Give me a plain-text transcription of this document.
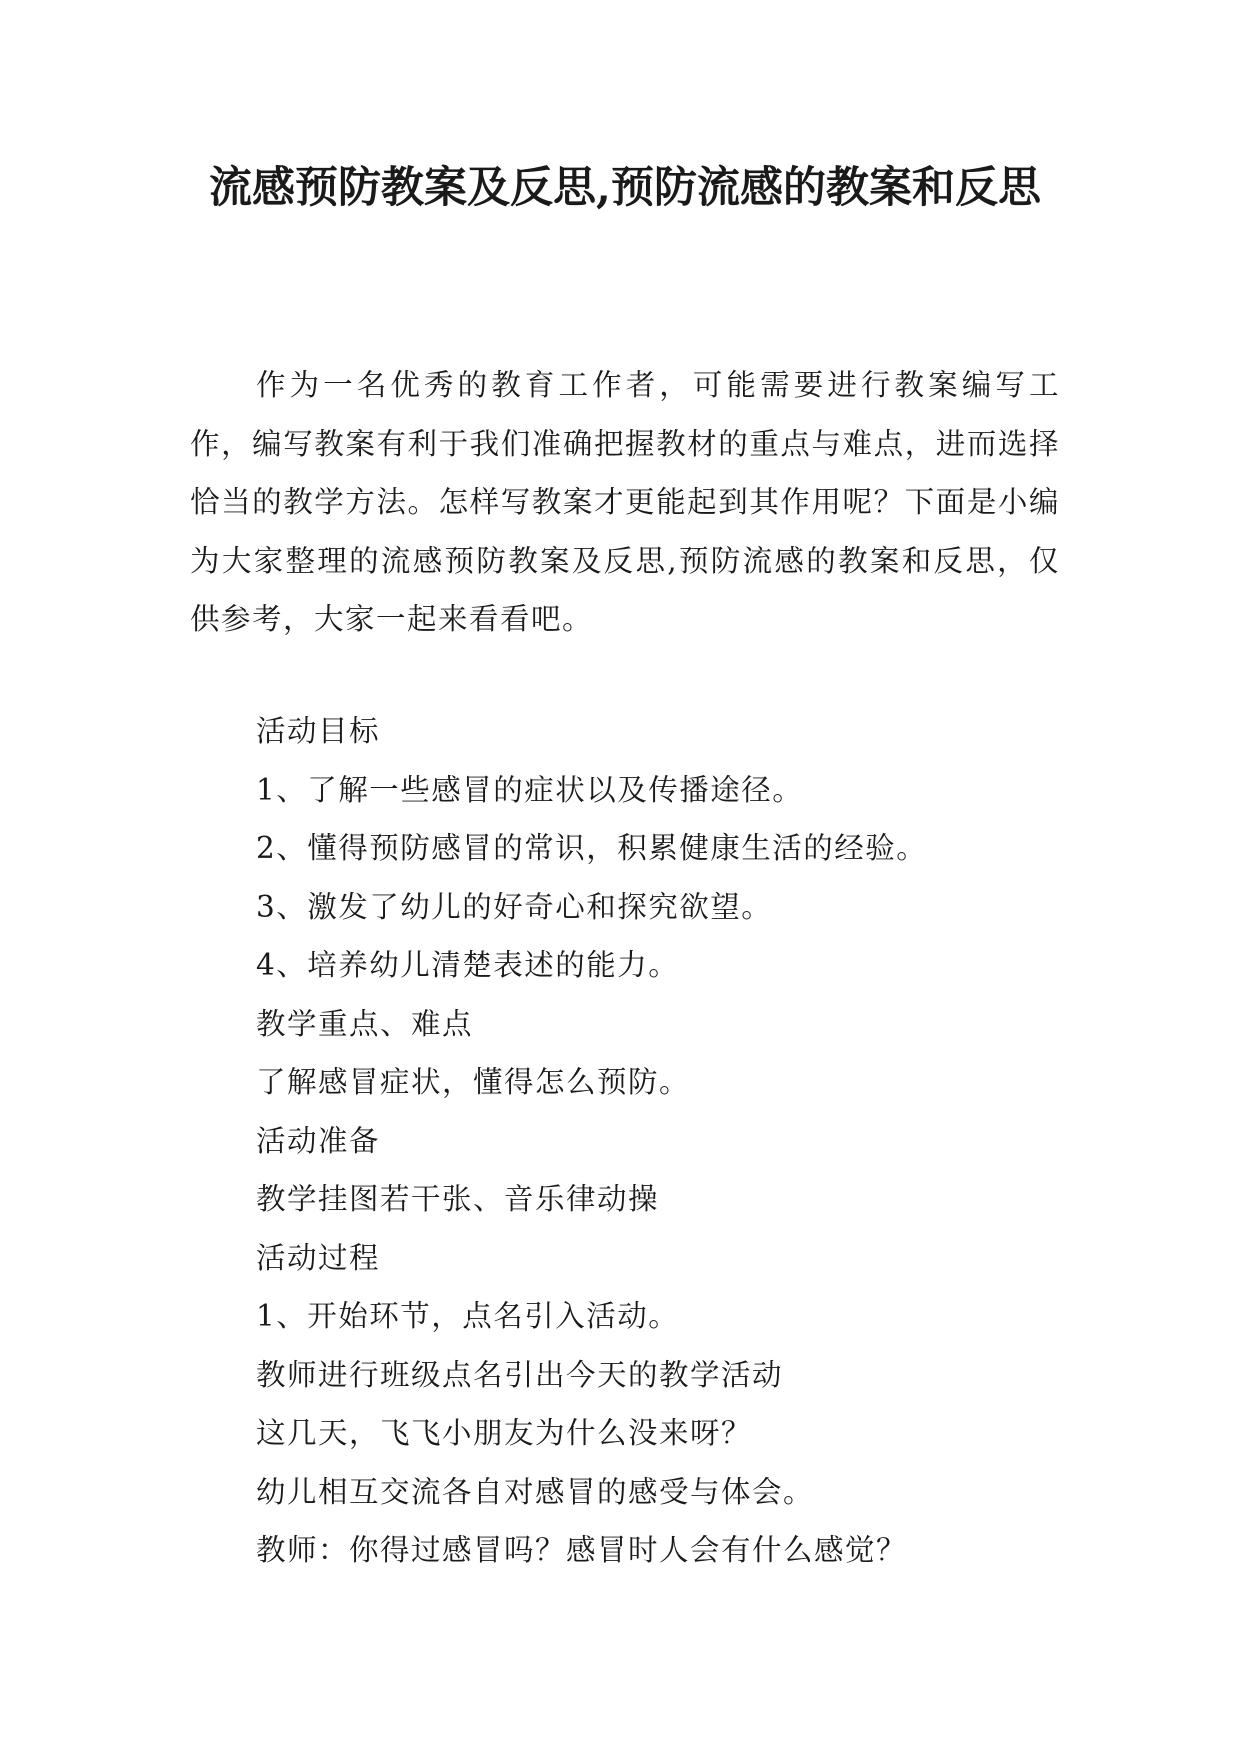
流感预防教案及反思,预防流感的教案和反思

作为一名优秀的教育工作者，可能需要进行教案编写工作，编写教案有利于我们准确把握教材的重点与难点，进而选择恰当的教学方法。怎样写教案才更能起到其作用呢？下面是小编为大家整理的流感预防教案及反思,预防流感的教案和反思，仅供参考，大家一起来看看吧。

活动目标
1、了解一些感冒的症状以及传播途径。
2、懂得预防感冒的常识，积累健康生活的经验。
3、激发了幼儿的好奇心和探究欲望。
4、培养幼儿清楚表述的能力。
教学重点、难点
了解感冒症状，懂得怎么预防。
活动准备
教学挂图若干张、音乐律动操
活动过程
1、开始环节，点名引入活动。
教师进行班级点名引出今天的教学活动
这几天，飞飞小朋友为什么没来呀？
幼儿相互交流各自对感冒的感受与体会。
教师：你得过感冒吗？感冒时人会有什么感觉？
